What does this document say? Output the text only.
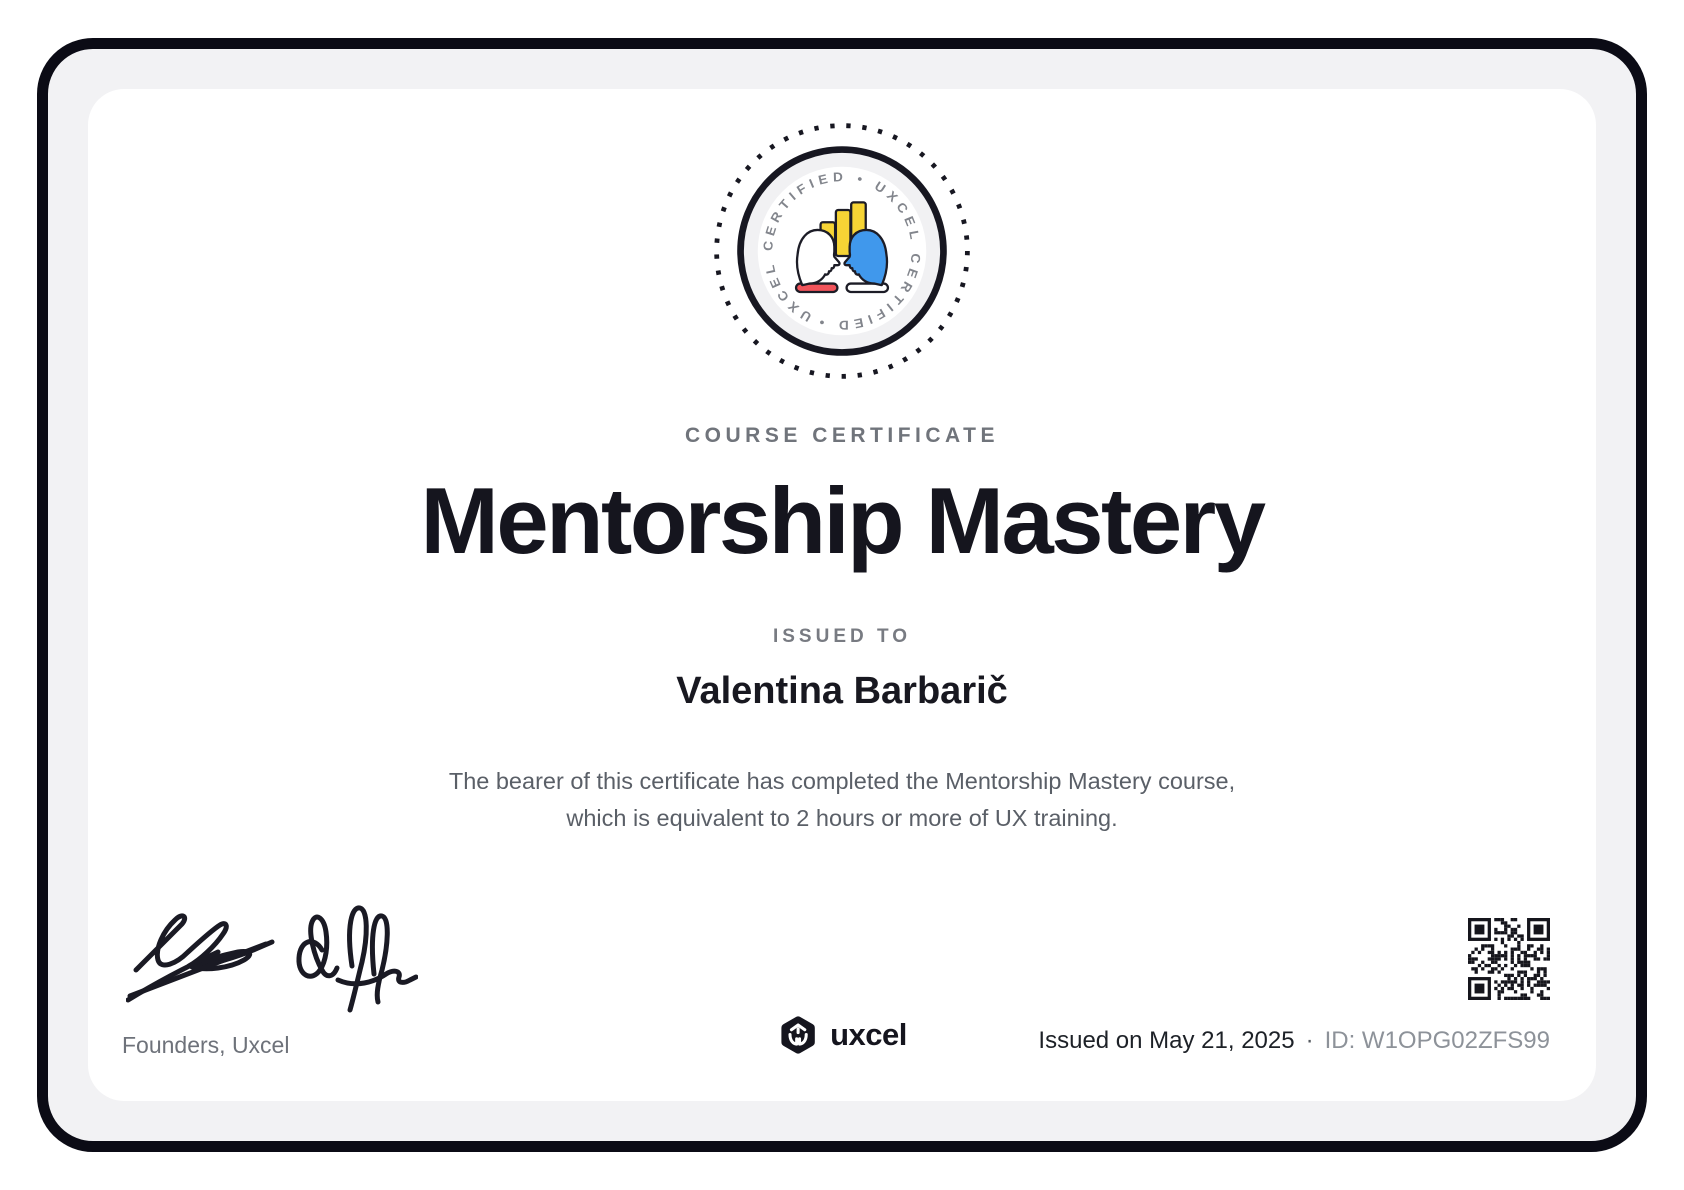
UXCEL CERTIFIED • UXCEL CERTIFIED •
COURSE CERTIFICATE
Mentorship Mastery
ISSUED TO
Valentina Barbarič
The bearer of this certificate has completed the Mentorship Mastery course,
which is equivalent to 2 hours or more of UX training.
Founders, Uxcel	uxcel	Issued on May 21, 2025 · ID: W1OPG02ZFS99
